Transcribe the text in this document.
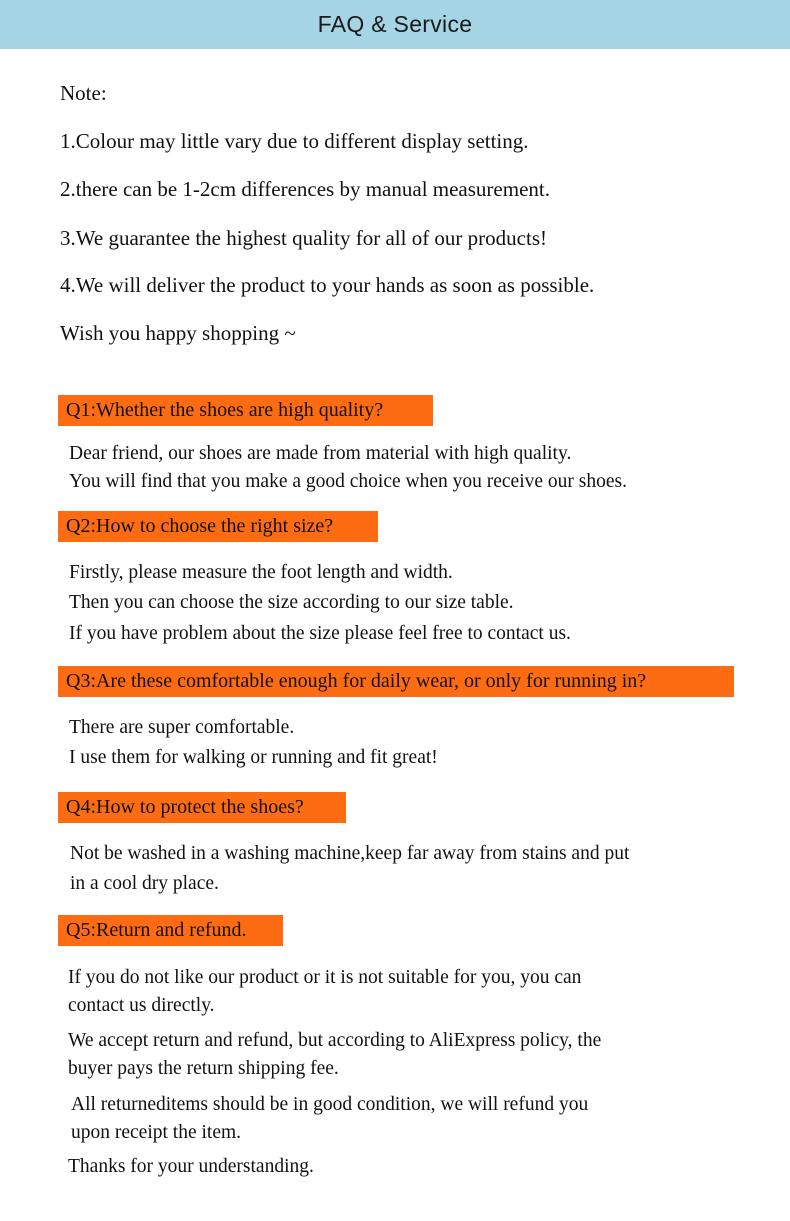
FAQ & Service
Note:
1.Colour may little vary due to different display setting.
2.there can be 1-2cm differences by manual measurement.
3.We guarantee the highest quality for all of our products!
4.We will deliver the product to your hands as soon as possible.
Wish you happy shopping ~
Q1:Whether the shoes are high quality?
Dear friend, our shoes are made from material with high quality.
You will find that you make a good choice when you receive our shoes.
Q2:How to choose the right size?
Firstly, please measure the foot length and width.
Then you can choose the size according to our size table.
If you have problem about the size please feel free to contact us.
Q3:Are these comfortable enough for daily wear, or only for running in?
There are super comfortable.
I use them for walking or running and fit great!
Q4:How to protect the shoes?
Not be washed in a washing machine,keep far away from stains and put
in a cool dry place.
Q5:Return and refund.
If you do not like our product or it is not suitable for you, you can
contact us directly.
We accept return and refund, but according to AliExpress policy, the
buyer pays the return shipping fee.
All returneditems should be in good condition, we will refund you
upon receipt the item.
Thanks for your understanding.
